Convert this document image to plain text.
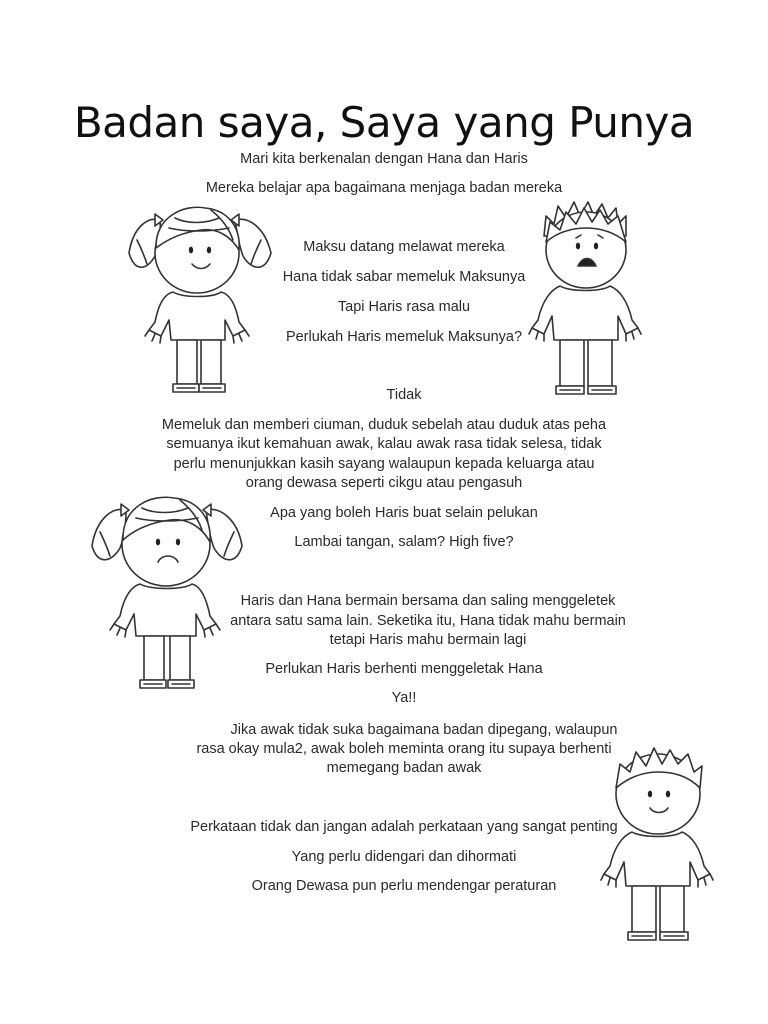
Badan saya, Saya yang Punya
Mari kita berkenalan dengan Hana dan Haris
Mereka belajar apa bagaimana menjaga badan mereka
Maksu datang melawat mereka
Hana tidak sabar memeluk Maksunya
Tapi Haris rasa malu
Perlukah Haris memeluk Maksunya?
Tidak
Memeluk dan memberi ciuman, duduk sebelah atau duduk atas peha
semuanya ikut kemahuan awak, kalau awak rasa tidak selesa, tidak
perlu menunjukkan kasih sayang walaupun kepada keluarga atau
orang dewasa seperti cikgu atau pengasuh
Apa yang boleh Haris buat selain pelukan
Lambai tangan, salam? High five?
Haris dan Hana bermain bersama dan saling menggeletek
antara satu sama lain. Seketika itu, Hana tidak mahu bermain
tetapi Haris mahu bermain lagi
Perlukan Haris berhenti menggeletak Hana
Ya!!
Jika awak tidak suka bagaimana badan dipegang, walaupun
rasa okay mula2, awak boleh meminta orang itu supaya berhenti
memegang badan awak
Perkataan tidak dan jangan adalah perkataan yang sangat penting
Yang perlu didengari dan dihormati
Orang Dewasa pun perlu mendengar peraturan
